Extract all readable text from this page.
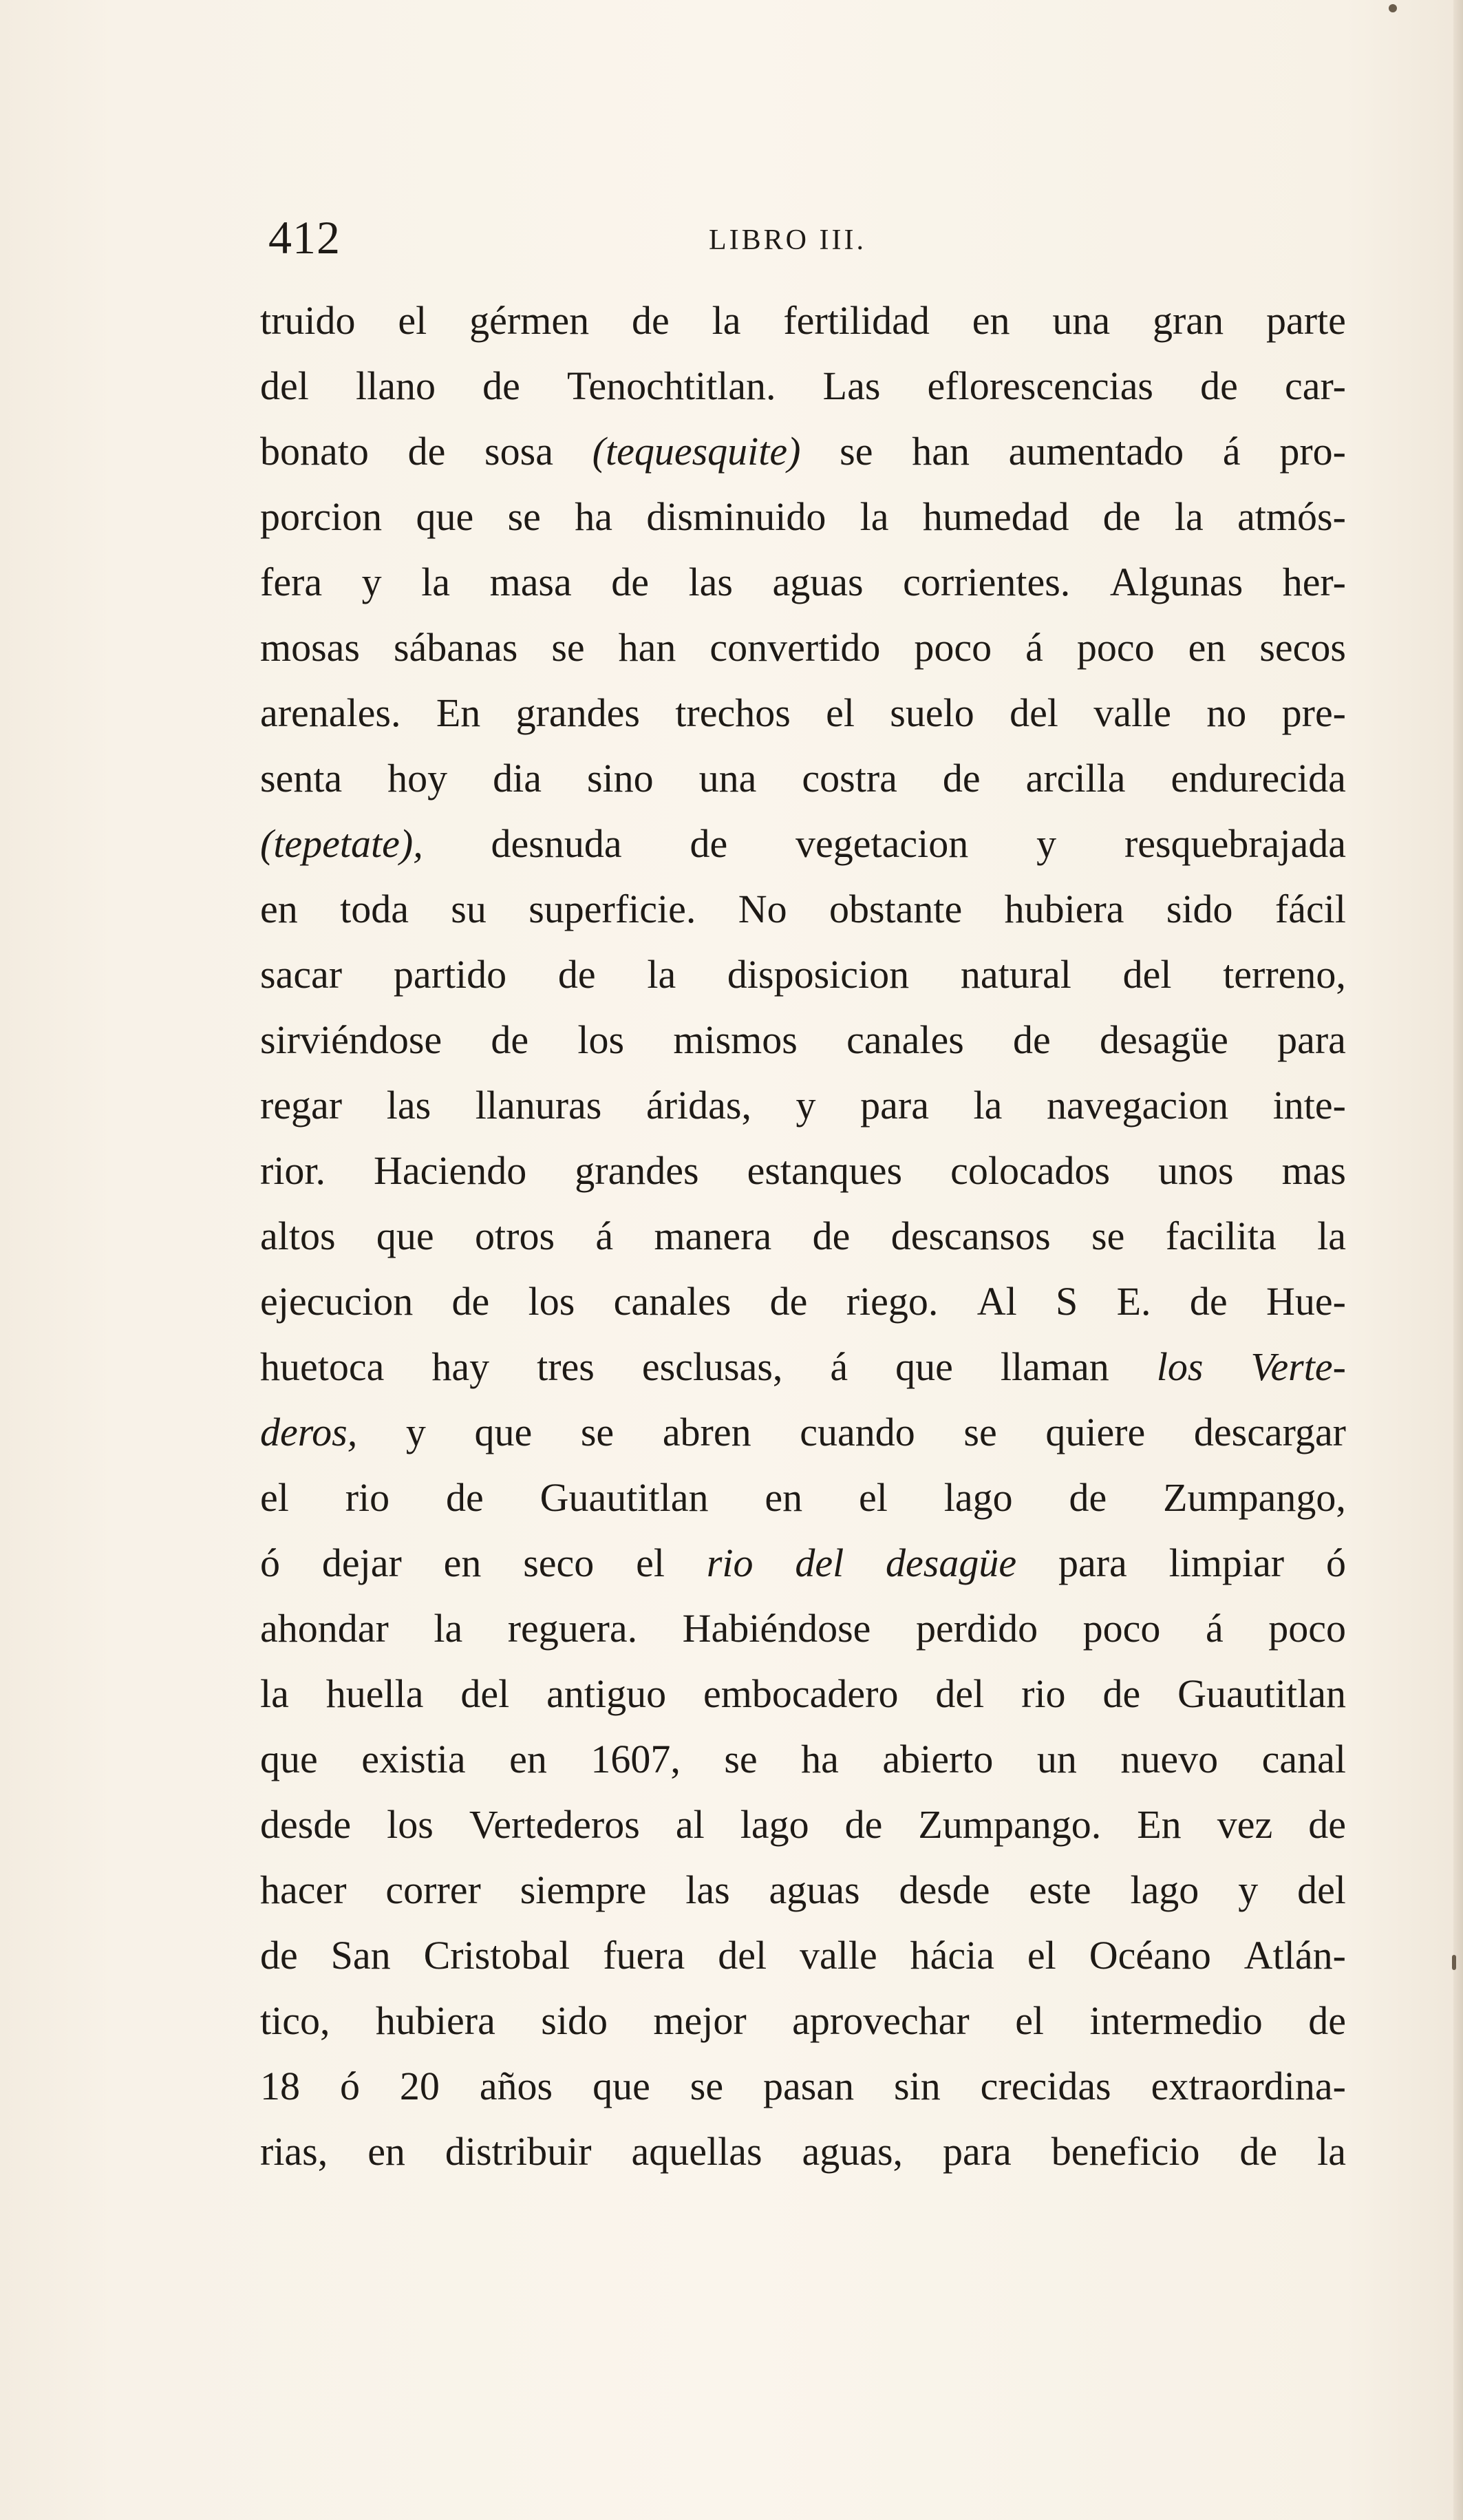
412	LIBRO III.
truido el gérmen de la fertilidad en una gran parte
del llano de Tenochtitlan. Las eflorescencias de car-
bonato de sosa (tequesquite) se han aumentado á pro-
porcion que se ha disminuido la humedad de la atmós-
fera y la masa de las aguas corrientes. Algunas her-
mosas sábanas se han convertido poco á poco en secos
arenales. En grandes trechos el suelo del valle no pre-
senta hoy dia sino una costra de arcilla endurecida
(tepetate), desnuda de vegetacion y resquebrajada
en toda su superficie. No obstante hubiera sido fácil
sacar partido de la disposicion natural del terreno,
sirviéndose de los mismos canales de desagüe para
regar las llanuras áridas, y para la navegacion inte-
rior. Haciendo grandes estanques colocados unos mas
altos que otros á manera de descansos se facilita la
ejecucion de los canales de riego. Al S E. de Hue-
huetoca hay tres esclusas, á que llaman los Verte-
deros, y que se abren cuando se quiere descargar
el rio de Guautitlan en el lago de Zumpango,
ó dejar en seco el rio del desagüe para limpiar ó
ahondar la reguera. Habiéndose perdido poco á poco
la huella del antiguo embocadero del rio de Guautitlan
que existia en 1607, se ha abierto un nuevo canal
desde los Vertederos al lago de Zumpango. En vez de
hacer correr siempre las aguas desde este lago y del
de San Cristobal fuera del valle hácia el Océano Atlán-
tico, hubiera sido mejor aprovechar el intermedio de
18 ó 20 años que se pasan sin crecidas extraordina-
rias, en distribuir aquellas aguas, para beneficio de la
